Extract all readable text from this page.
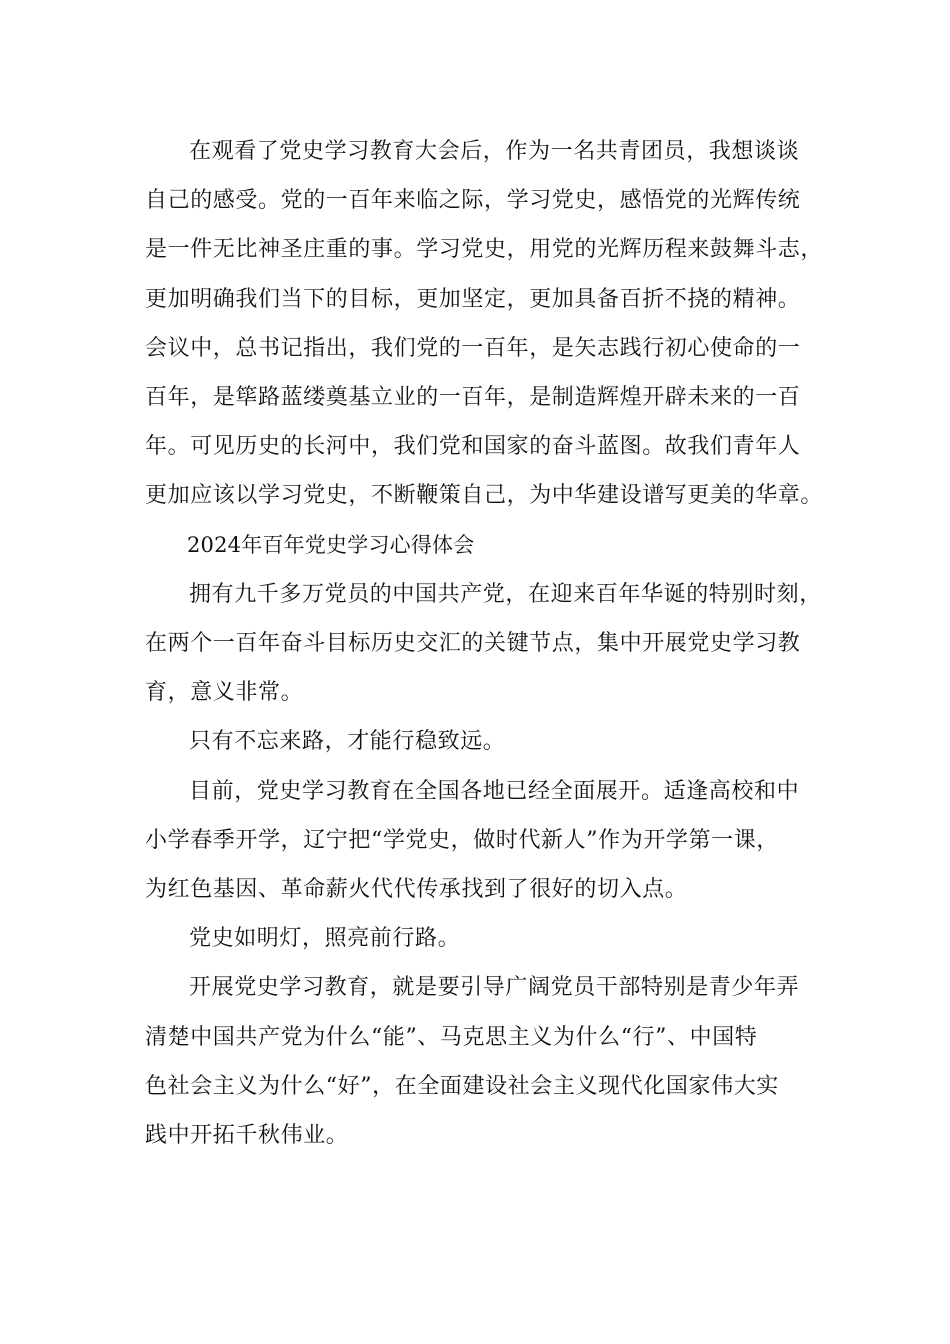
在观看了党史学习教育大会后，作为一名共青团员，我想谈谈
自己的感受。党的一百年来临之际，学习党史，感悟党的光辉传统
是一件无比神圣庄重的事。学习党史，用党的光辉历程来鼓舞斗志，
更加明确我们当下的目标，更加坚定，更加具备百折不挠的精神。
会议中，总书记指出，我们党的一百年，是矢志践行初心使命的一
百年，是筚路蓝缕奠基立业的一百年，是制造辉煌开辟未来的一百
年。可见历史的长河中，我们党和国家的奋斗蓝图。故我们青年人
更加应该以学习党史，不断鞭策自己，为中华建设谱写更美的华章。

2024年百年党史学习心得体会

拥有九千多万党员的中国共产党，在迎来百年华诞的特别时刻，
在两个一百年奋斗目标历史交汇的关键节点，集中开展党史学习教
育，意义非常。

只有不忘来路，才能行稳致远。

目前，党史学习教育在全国各地已经全面展开。适逢高校和中
小学春季开学，辽宁把“学党史，做时代新人”作为开学第一课，
为红色基因、革命薪火代代传承找到了很好的切入点。

党史如明灯，照亮前行路。

开展党史学习教育，就是要引导广阔党员干部特别是青少年弄
清楚中国共产党为什么“能”、马克思主义为什么“行”、中国特
色社会主义为什么“好”，在全面建设社会主义现代化国家伟大实
践中开拓千秋伟业。
